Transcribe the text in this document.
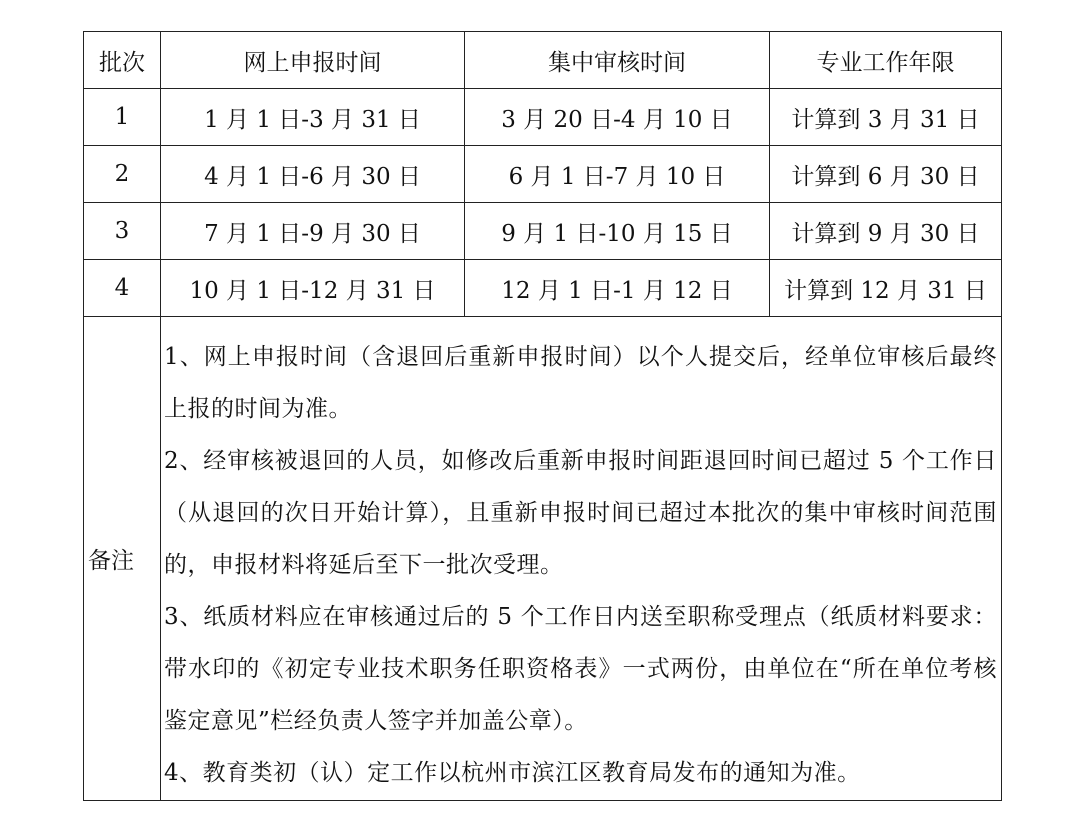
批次	网上申报时间	集中审核时间	专业工作年限
1	1 月 1 日-3 月 31 日	3 月 20 日-4 月 10 日	计算到 3 月 31 日
2	4 月 1 日-6 月 30 日	6 月 1 日-7 月 10 日	计算到 6 月 30 日
3	7 月 1 日-9 月 30 日	9 月 1 日-10 月 15 日	计算到 9 月 30 日
4	10 月 1 日-12 月 31 日	12 月 1 日-1 月 12 日	计算到 12 月 31 日
备注	1、网上申报时间（含退回后重新申报时间）以个人提交后，经单位审核后最终上报的时间为准。
2、经审核被退回的人员，如修改后重新申报时间距退回时间已超过 5 个工作日（从退回的次日开始计算），且重新申报时间已超过本批次的集中审核时间范围的，申报材料将延后至下一批次受理。
3、纸质材料应在审核通过后的 5 个工作日内送至职称受理点（纸质材料要求：带水印的《初定专业技术职务任职资格表》一式两份，由单位在“所在单位考核鉴定意见”栏经负责人签字并加盖公章）。
4、教育类初（认）定工作以杭州市滨江区教育局发布的通知为准。		
